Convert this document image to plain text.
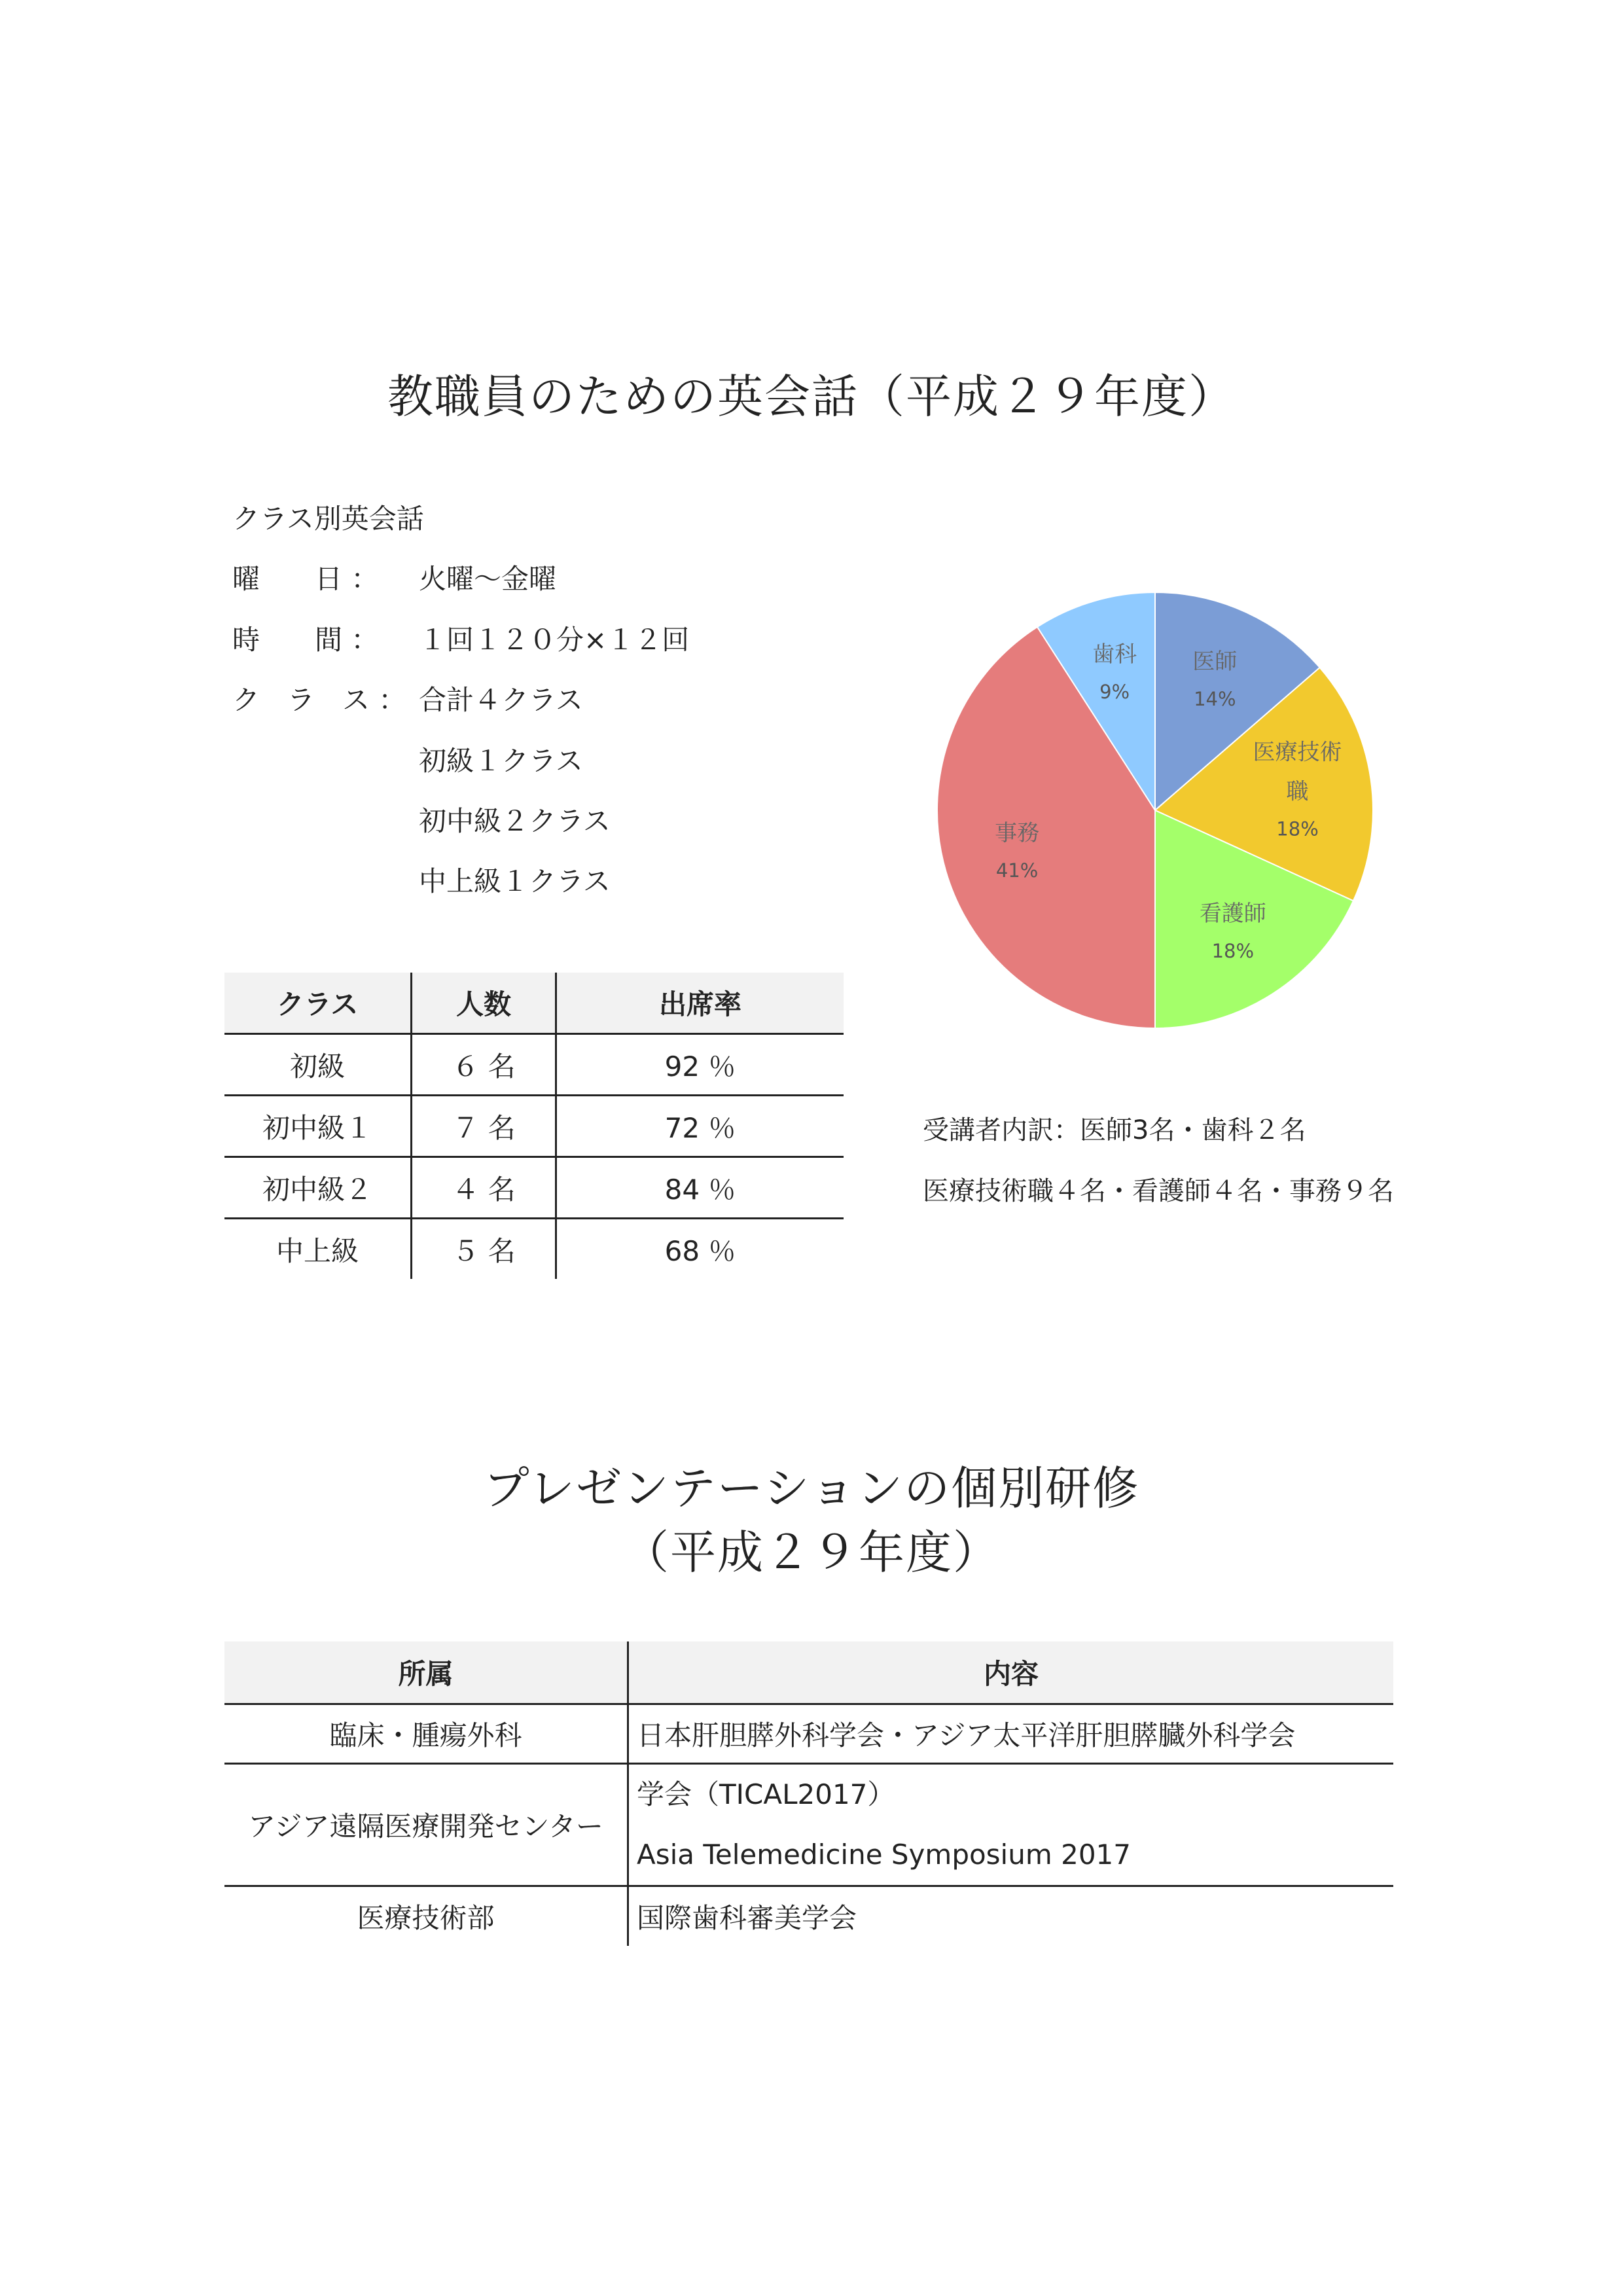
教職員のための英会話（平成２９年度）
クラス別英会話
曜　　日 ： 火曜〜金曜
時　　間 ： １回１２０分×１２回
ク　ラ　ス ： 合計４クラス
初級１クラス
初中級２クラス
中上級１クラス
クラス	人数	出席率
初級	６ 名	92 ％
初中級１	７ 名	72 ％
初中級２	４ 名	84 ％
中上級	５ 名	68 ％
医師
14%
医療技術
職
18%
看護師
18%
事務
41%
歯科
9%
受講者内訳：医師3名・歯科２名
医療技術職４名・看護師４名・事務９名
プレゼンテーションの個別研修
（平成２９年度）
所属	内容
臨床・腫瘍外科	日本肝胆膵外科学会・アジア太平洋肝胆膵臓外科学会
アジア遠隔医療開発センター	学会（TICAL2017）
Asia Telemedicine Symposium 2017

医療技術部	国際歯科審美学会
